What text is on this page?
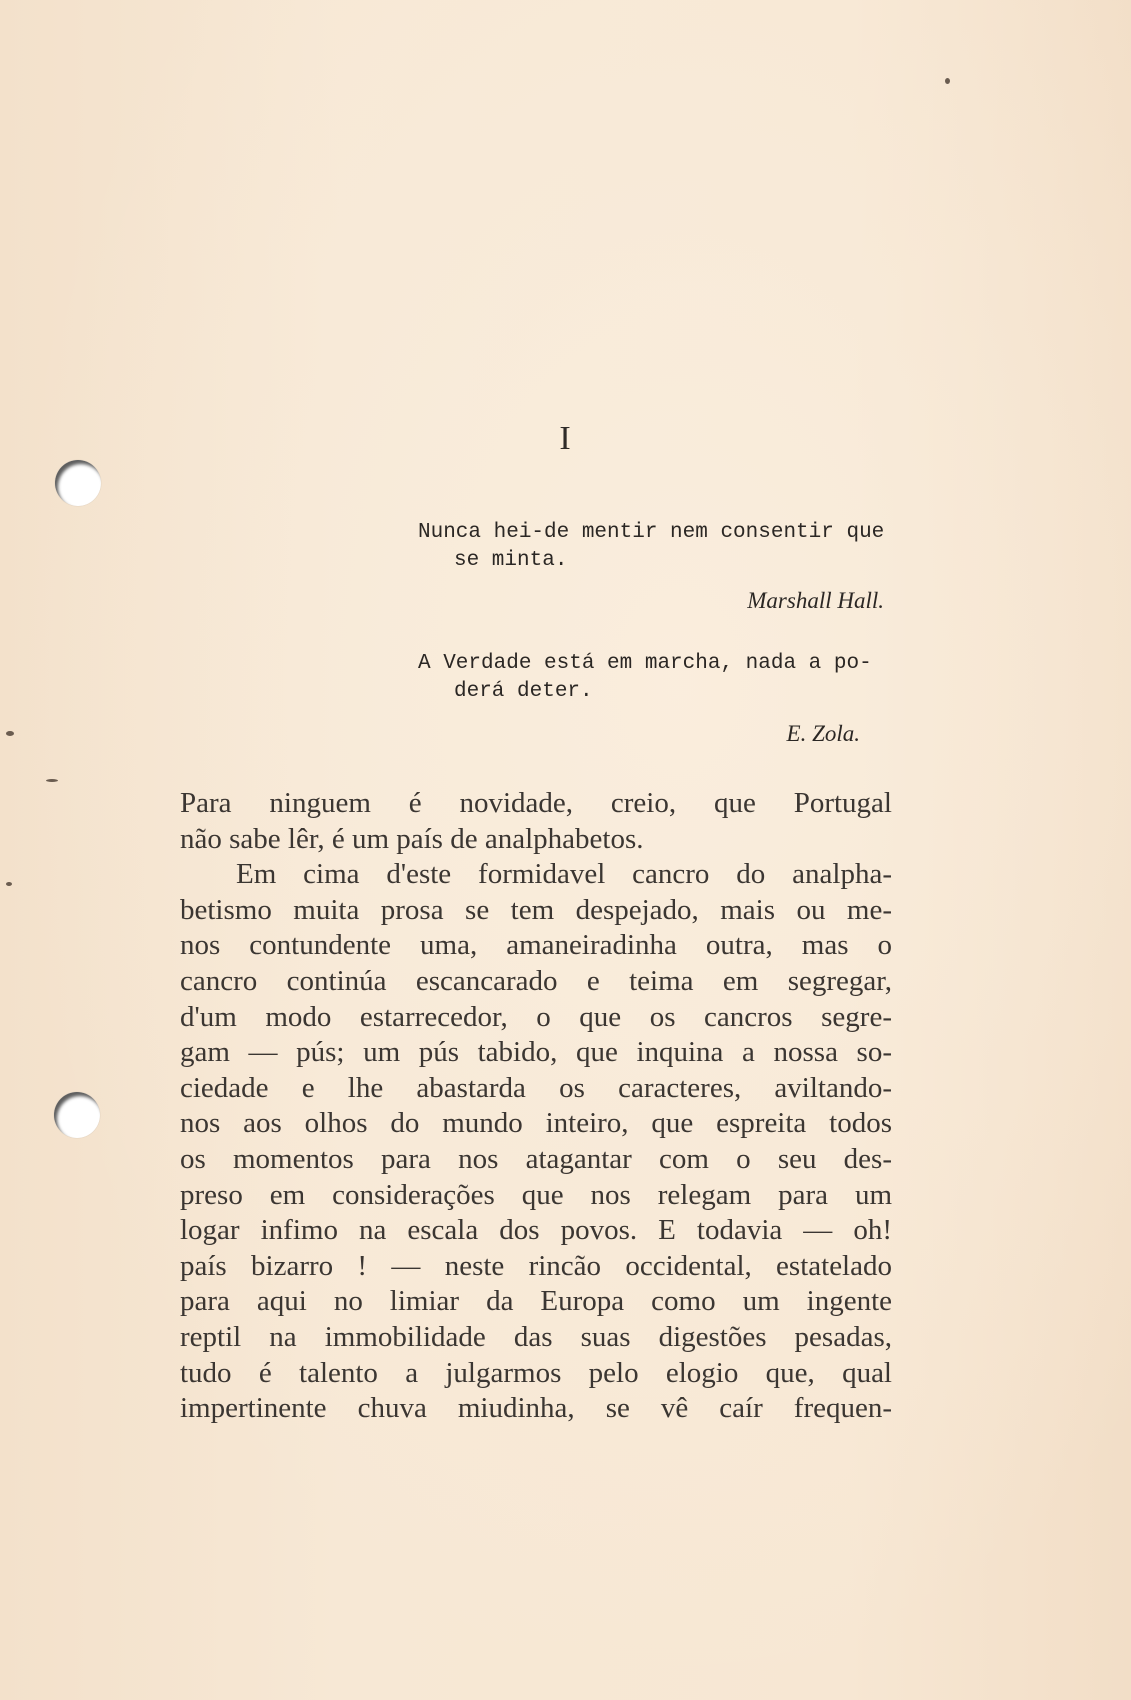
I
Nunca hei-de mentir nem consentir que
se minta.
Marshall Hall.
A Verdade está em marcha, nada a po-
derá deter.
E. Zola.
Para ninguem é novidade, creio, que Portugal
não sabe lêr, é um país de analphabetos.
Em cima d'este formidavel cancro do analpha-
betismo muita prosa se tem despejado, mais ou me-
nos contundente uma, amaneiradinha outra, mas o
cancro continúa escancarado e teima em segregar,
d'um modo estarrecedor, o que os cancros segre-
gam — pús; um pús tabido, que inquina a nossa so-
ciedade e lhe abastarda os caracteres, aviltando-
nos aos olhos do mundo inteiro, que espreita todos
os momentos para nos atagantar com o seu des-
preso em considerações que nos relegam para um
logar infimo na escala dos povos. E todavia — oh!
país bizarro ! — neste rincão occidental, estatelado
para aqui no limiar da Europa como um ingente
reptil na immobilidade das suas digestões pesadas,
tudo é talento a julgarmos pelo elogio que, qual
impertinente chuva miudinha, se vê caír frequen-
